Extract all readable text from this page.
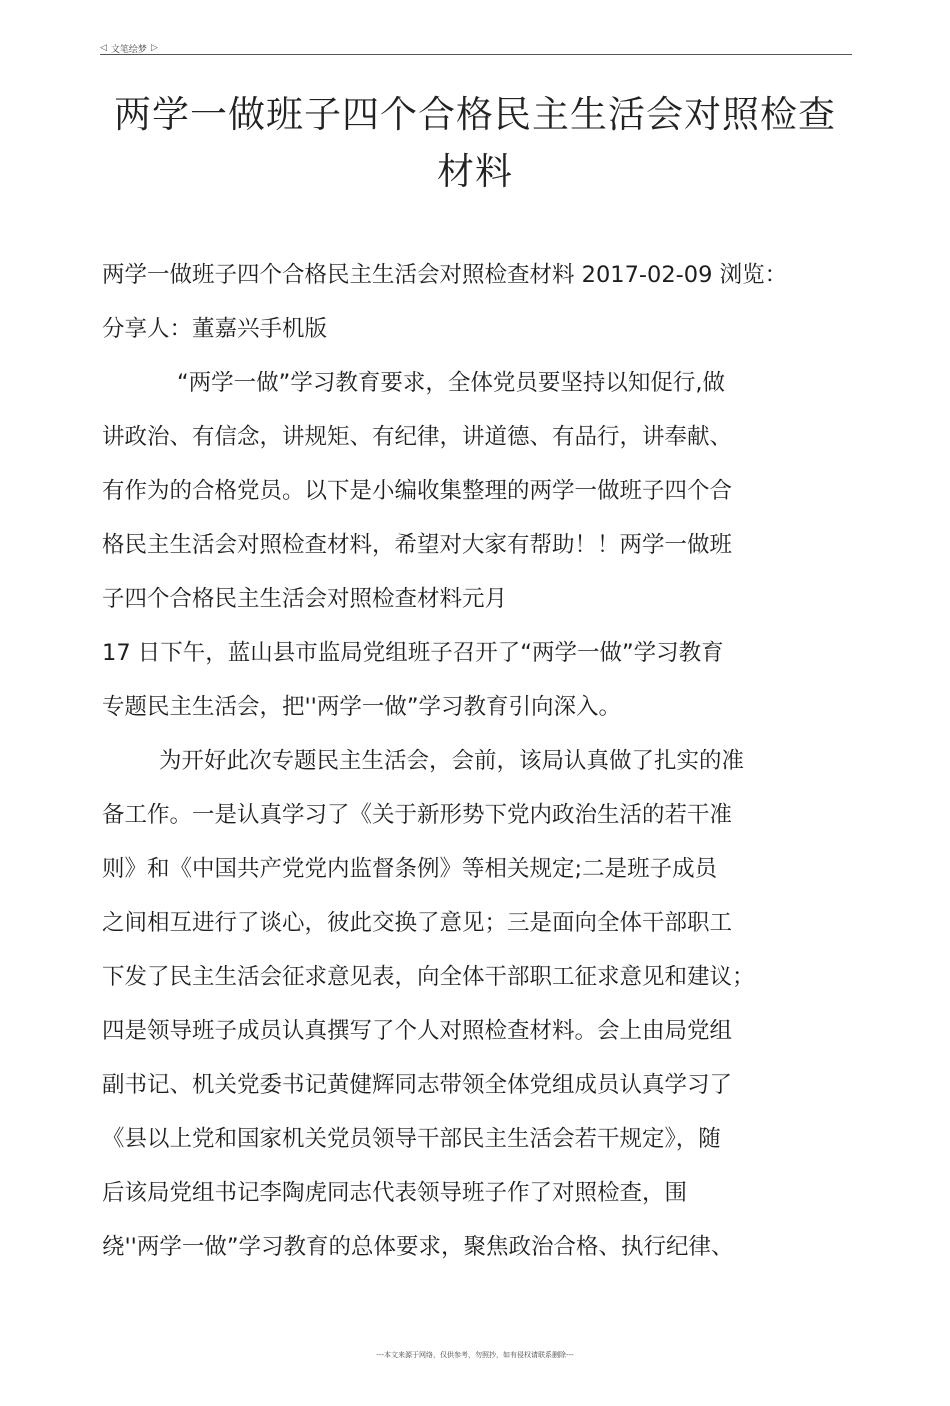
◁ 文笔绘梦 ▷
两学一做班子四个合格民主生活会对照检查
材料
两学一做班子四个合格民主生活会对照检查材料 2017-02-09 浏览：
分享人：董嘉兴手机版
“两学一做”学习教育要求，全体党员要坚持以知促行,做
讲政治、有信念，讲规矩、有纪律，讲道德、有品行，讲奉献、
有作为的合格党员。以下是小编收集整理的两学一做班子四个合
格民主生活会对照检查材料，希望对大家有帮助！！两学一做班
子四个合格民主生活会对照检查材料元月
17 日下午，蓝山县市监局党组班子召开了“两学一做”学习教育
专题民主生活会，把''两学一做”学习教育引向深入。
为开好此次专题民主生活会，会前，该局认真做了扎实的准
备工作。一是认真学习了《关于新形势下党内政治生活的若干准
则》和《中国共产党党内监督条例》等相关规定;二是班子成员
之间相互进行了谈心，彼此交换了意见；三是面向全体干部职工
下发了民主生活会征求意见表，向全体干部职工征求意见和建议；
四是领导班子成员认真撰写了个人对照检查材料。会上由局党组
副书记、机关党委书记黄健辉同志带领全体党组成员认真学习了
《县以上党和国家机关党员领导干部民主生活会若干规定》，随
后该局党组书记李陶虎同志代表领导班子作了对照检查，围
绕''两学一做”学习教育的总体要求，聚焦政治合格、执行纪律、
---本文来源于网络，仅供参考，勿照抄，如有侵权请联系删除---
